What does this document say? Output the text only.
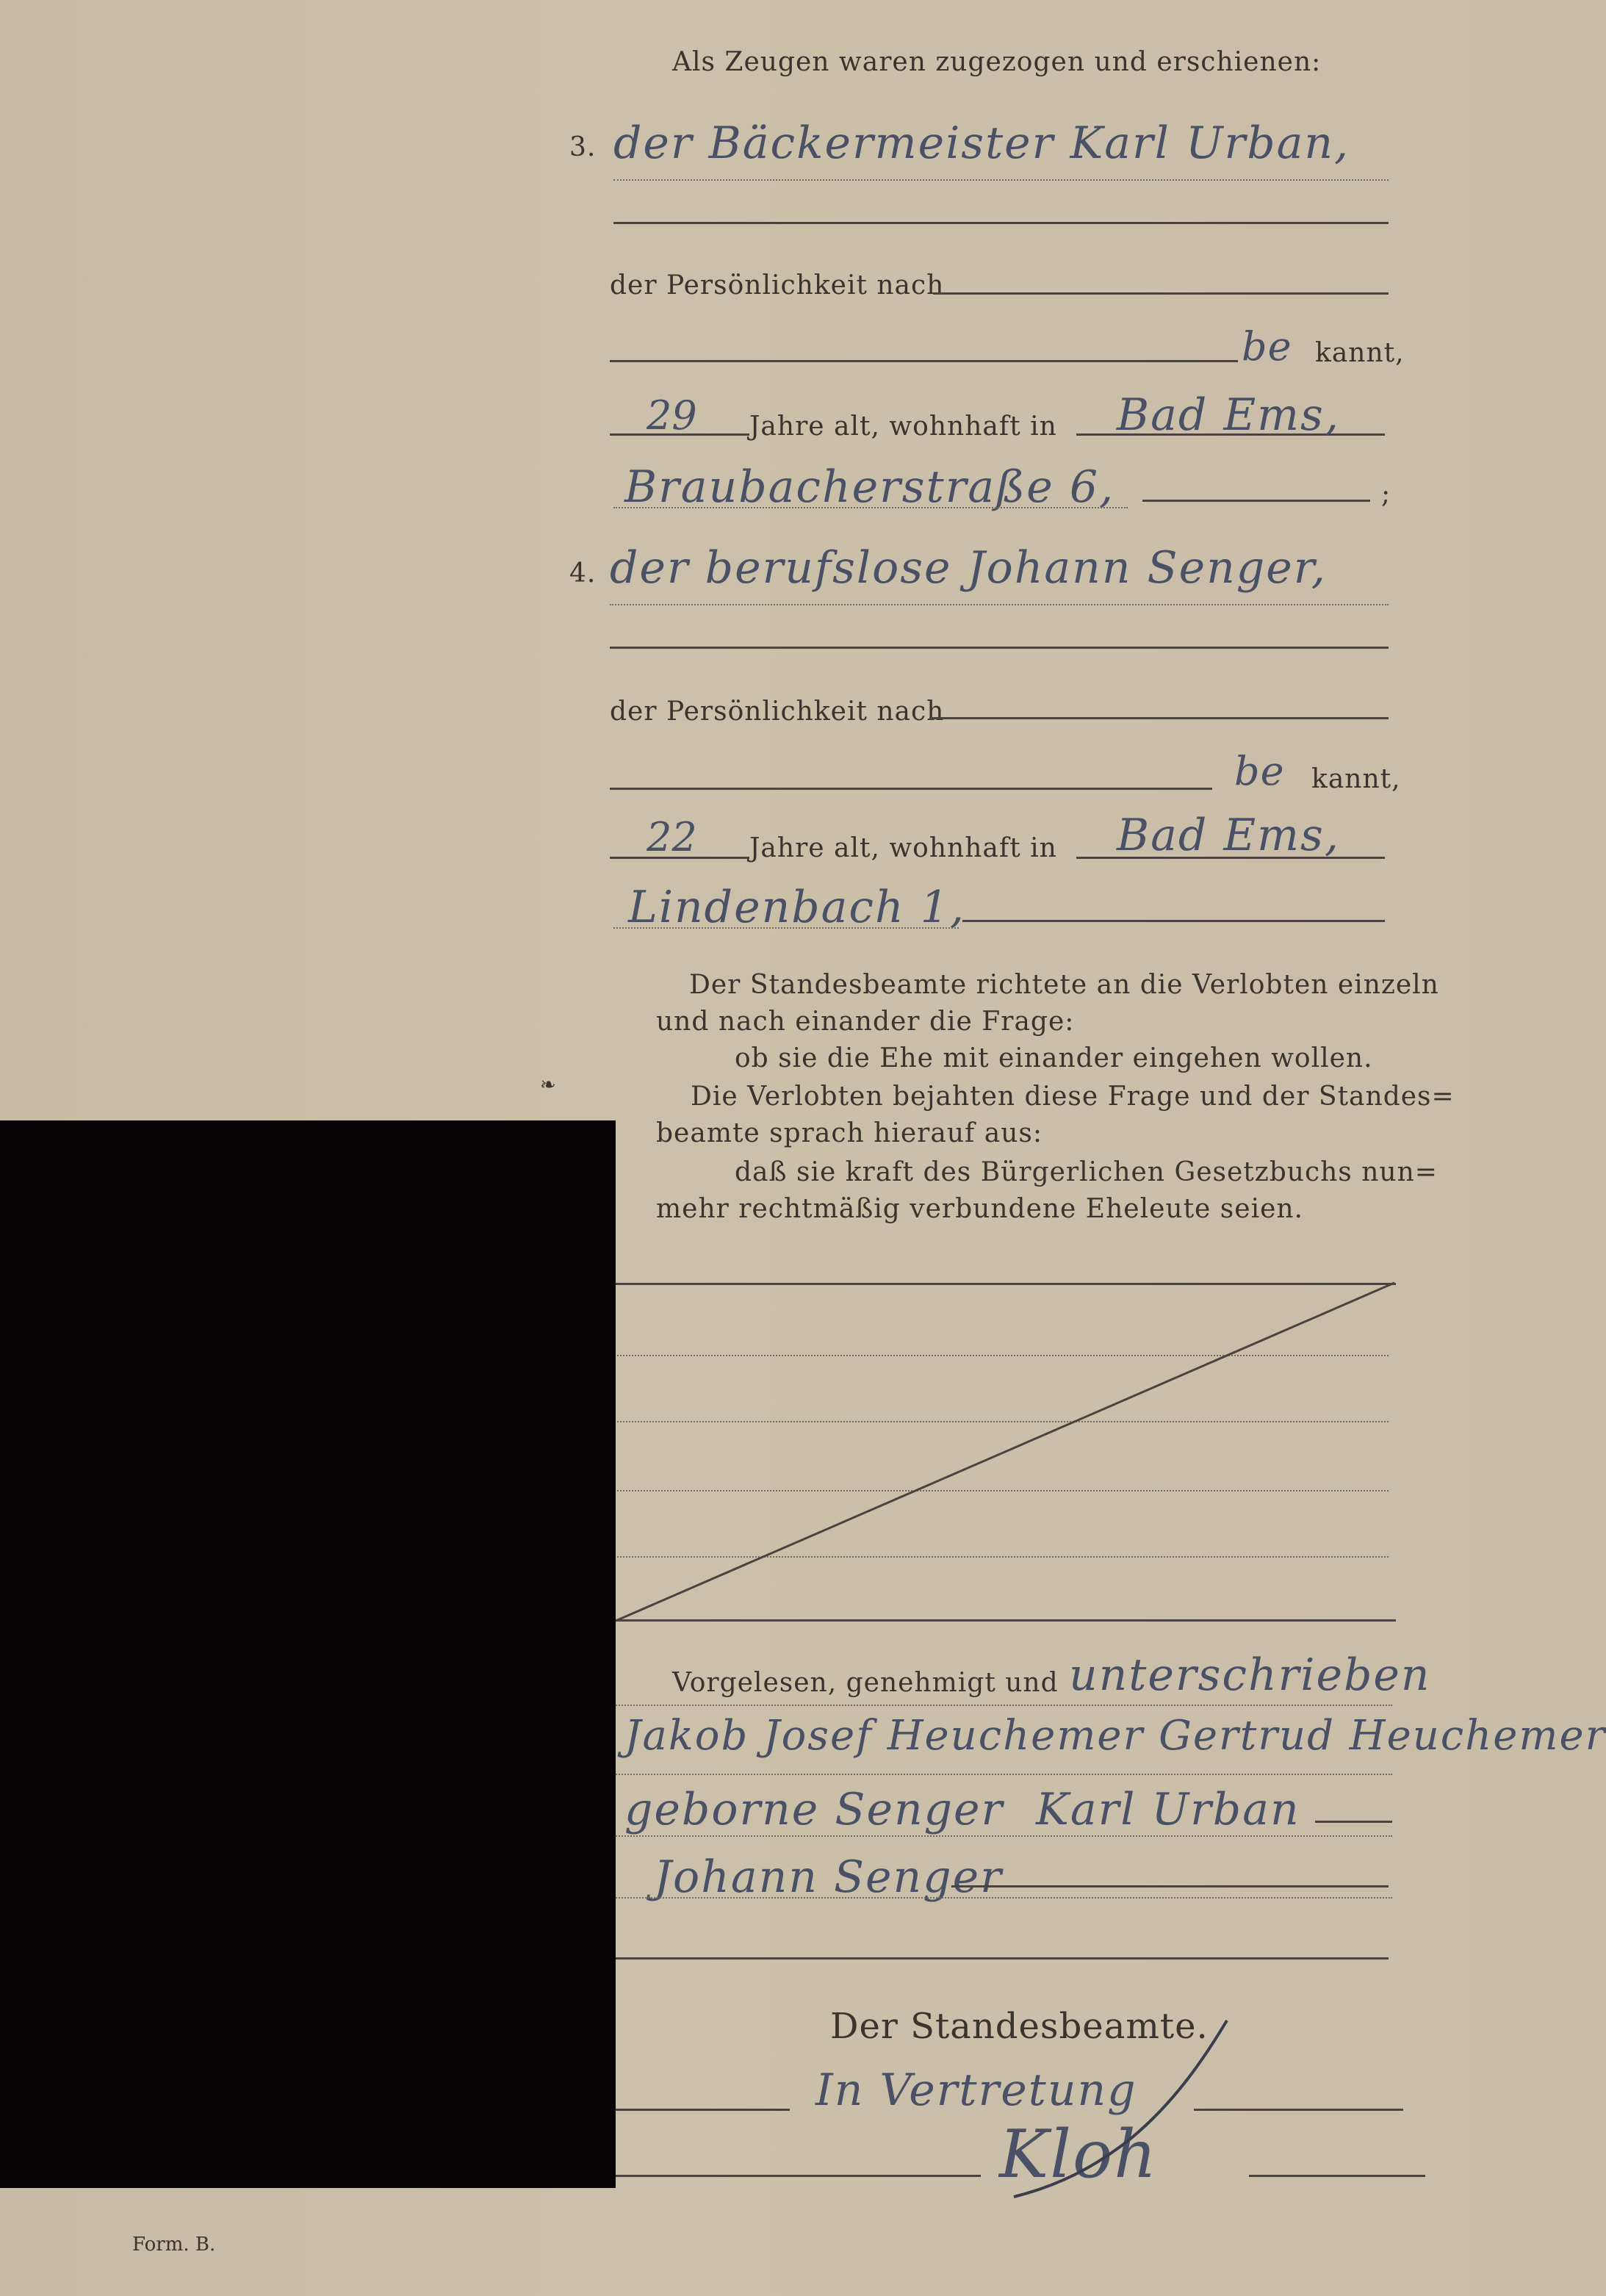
Als Zeugen waren zugezogen und erschienen:
3. der Bäckermeister Karl Urban,
der Persönlichkeit nach
be kannt,
29 Jahre alt, wohnhaft in Bad Ems,
Braubacherstraße 6,	;
4. der berufslose Johann Senger,
der Persönlichkeit nach
be kannt,
22 Jahre alt, wohnhaft in Bad Ems,
Lindenbach 1,
Der Standesbeamte richtete an die Verlobten einzeln
und nach einander die Frage:
ob sie die Ehe mit einander eingehen wollen.
Die Verlobten bejahten diese Frage und der Standes=
beamte sprach hierauf aus:
daß sie kraft des Bürgerlichen Gesetzbuchs nun=
mehr rechtmäßig verbundene Eheleute seien.
Vorgelesen, genehmigt und unterschrieben
Jakob Josef Heuchemer Gertrud Heuchemer
geborne Senger Karl Urban
Johann Senger
Der Standesbeamte.
In Vertretung
Kloh
❧
Form. B.
